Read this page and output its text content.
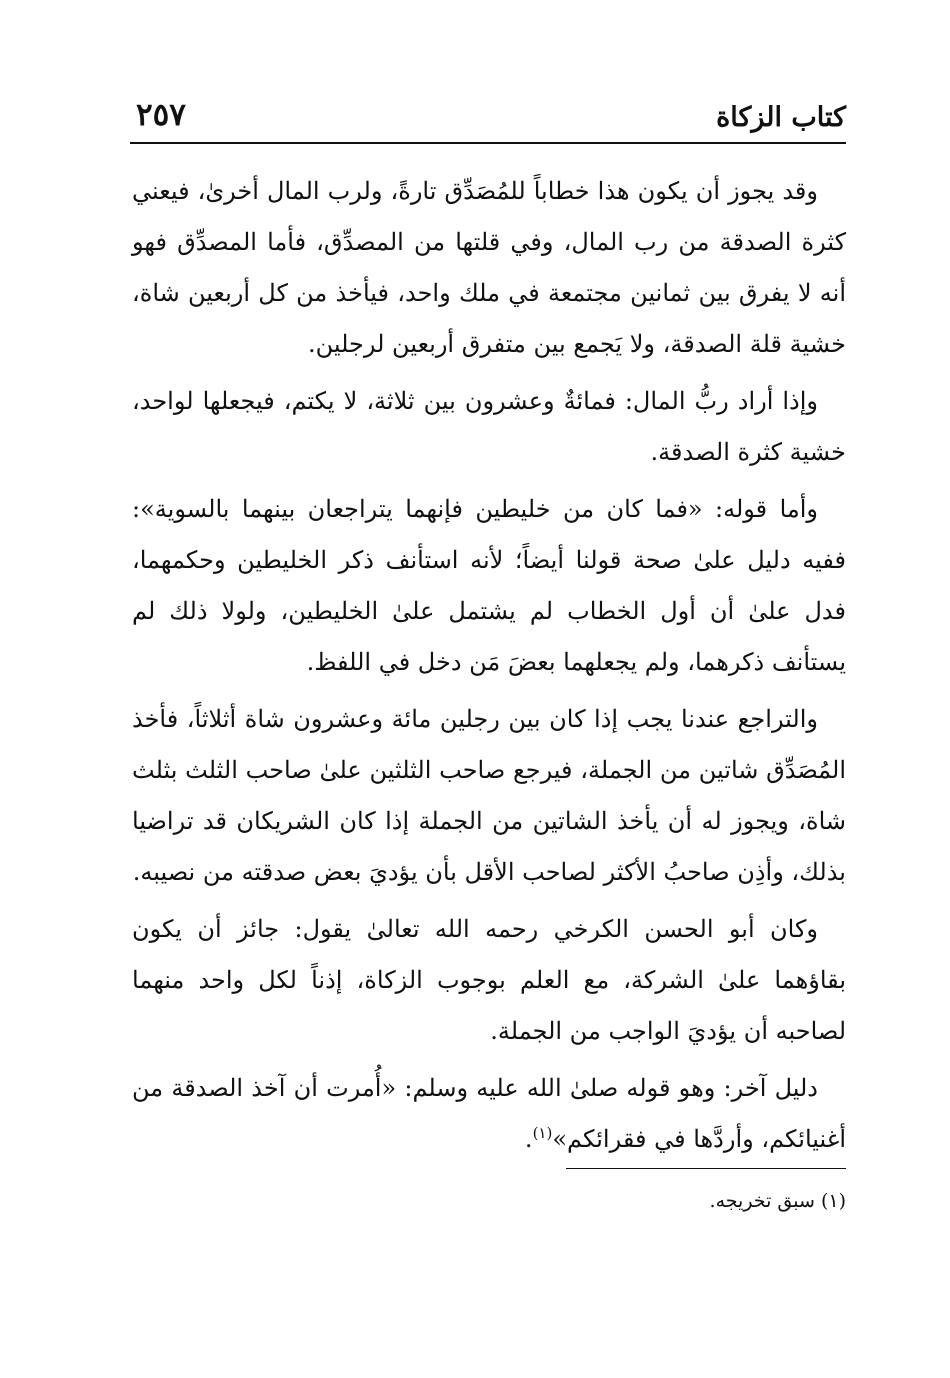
كتاب الزكاة
٢٥٧

وقد يجوز أن يكون هذا خطاباً للمُصَدِّق تارةً، ولرب المال أخرىٰ، فيعني كثرة الصدقة من رب المال، وفي قلتها من المصدِّق، فأما المصدِّق فهو أنه لا يفرق بين ثمانين مجتمعة في ملك واحد، فيأخذ من كل أربعين شاة، خشية قلة الصدقة، ولا يَجمع بين متفرق أربعين لرجلين.

وإذا أراد ربُّ المال: فمائةٌ وعشرون بين ثلاثة، لا يكتم، فيجعلها لواحد، خشية كثرة الصدقة.

وأما قوله: «فما كان من خليطين فإنهما يتراجعان بينهما بالسوية»: ففيه دليل علىٰ صحة قولنا أيضاً؛ لأنه استأنف ذكر الخليطين وحكمهما، فدل علىٰ أن أول الخطاب لم يشتمل علىٰ الخليطين، ولولا ذلك لم يستأنف ذكرهما، ولم يجعلهما بعضَ مَن دخل في اللفظ.

والتراجع عندنا يجب إذا كان بين رجلين مائة وعشرون شاة أثلاثاً، فأخذ المُصَدِّق شاتين من الجملة، فيرجع صاحب الثلثين علىٰ صاحب الثلث بثلث شاة، ويجوز له أن يأخذ الشاتين من الجملة إذا كان الشريكان قد تراضيا بذلك، وأذِن صاحبُ الأكثر لصاحب الأقل بأن يؤديَ بعض صدقته من نصيبه.

وكان أبو الحسن الكرخي رحمه الله تعالىٰ يقول: جائز أن يكون بقاؤهما علىٰ الشركة، مع العلم بوجوب الزكاة، إذناً لكل واحد منهما لصاحبه أن يؤديَ الواجب من الجملة.

دليل آخر: وهو قوله صلىٰ الله عليه وسلم: «أُمرت أن آخذ الصدقة من أغنيائكم، وأردَّها في فقرائكم»$^{(١)}$.

(١) سبق تخريجه.
